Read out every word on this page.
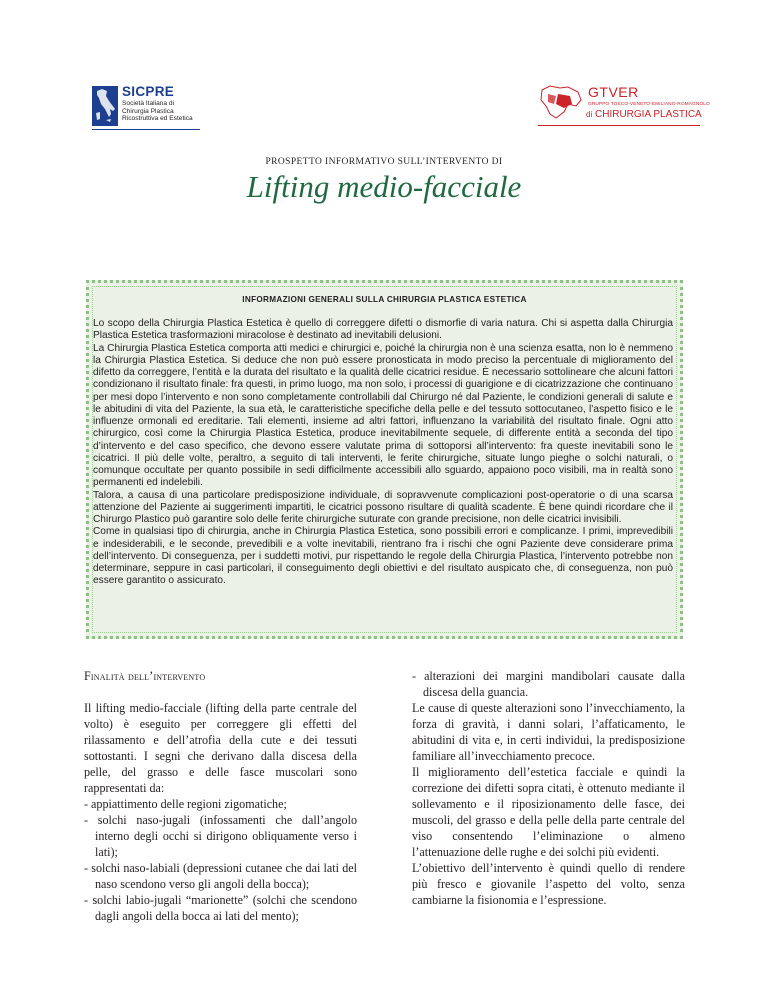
SICPRE
Società Italiana di
Chirurgia Plastica
Ricostruttiva ed Estetica
GTVER
GRUPPO TOSCO-VENETO-EMILIANO-ROMAGNOLO
di CHIRURGIA PLASTICA
PROSPETTO INFORMATIVO SULL’INTERVENTO DI
Lifting medio-facciale
INFORMAZIONI GENERALI SULLA CHIRURGIA PLASTICA ESTETICA

Lo scopo della Chirurgia Plastica Estetica è quello di correggere difetti o dismorfie di varia natura. Chi si aspetta dalla Chirurgia Plastica Estetica trasformazioni miracolose è destinato ad inevitabili delusioni.

La Chirurgia Plastica Estetica comporta atti medici e chirurgici e, poiché la chirurgia non è una scienza esatta, non lo è nemmeno la Chirurgia Plastica Estetica. Si deduce che non può essere pronosticata in modo preciso la percentuale di miglioramento del difetto da correggere, l’entità e la durata del risultato e la qualità delle cicatrici residue. È necessario sottolineare che alcuni fattori condizionano il risultato finale: fra questi, in primo luogo, ma non solo, i processi di guarigione e di cicatrizzazione che continuano per mesi dopo l’intervento e non sono completamente controllabili dal Chirurgo né dal Paziente, le condizioni generali di salute e le abitudini di vita del Paziente, la sua età, le caratteristiche specifiche della pelle e del tessuto sottocutaneo, l’aspetto fisico e le influenze ormonali ed ereditarie. Tali elementi, insieme ad altri fattori, influenzano la variabilità del risultato finale. Ogni atto chirurgico, così come la Chirurgia Plastica Estetica, produce inevitabilmente sequele, di differente entità a seconda del tipo d’intervento e del caso specifico, che devono essere valutate prima di sottoporsi all’intervento: fra queste inevitabili sono le cicatrici. Il più delle volte, peraltro, a seguito di tali interventi, le ferite chirurgiche, situate lungo pieghe o solchi naturali, o comunque occultate per quanto possibile in sedi difficilmente accessibili allo sguardo, appaiono poco visibili, ma in realtà sono permanenti ed indelebili.

Talora, a causa di una particolare predisposizione individuale, di sopravvenute complicazioni post-operatorie o di una scarsa attenzione del Paziente ai suggerimenti impartiti, le cicatrici possono risultare di qualità scadente. È bene quindi ricordare che il Chirurgo Plastico può garantire solo delle ferite chirurgiche suturate con grande precisione, non delle cicatrici invisibili.

Come in qualsiasi tipo di chirurgia, anche in Chirurgia Plastica Estetica, sono possibili errori e complicanze. I primi, imprevedibili e indesiderabili, e le seconde, prevedibili e a volte inevitabili, rientrano fra i rischi che ogni Paziente deve considerare prima dell’intervento. Di conseguenza, per i suddetti motivi, pur rispettando le regole della Chirurgia Plastica, l’intervento potrebbe non determinare, seppure in casi particolari, il conseguimento degli obiettivi e del risultato auspicato che, di conseguenza, non può essere garantito o assicurato.

Finalità dell’intervento

Il lifting medio-facciale (lifting della parte centrale del volto) è eseguito per correggere gli effetti del rilassamento e dell’atrofia della cute e dei tessuti sottostanti. I segni che derivano dalla discesa della pelle, del grasso e delle fasce muscolari sono rappresentati da:

- appiattimento delle regioni zigomatiche;

- solchi naso-jugali (infossamenti che dall’angolo interno degli occhi si dirigono obliquamente verso i lati);

- solchi naso-labiali (depressioni cutanee che dai lati del naso scendono verso gli angoli della bocca);

- solchi labio-jugali “marionette” (solchi che scendono dagli angoli della bocca ai lati del mento);

- alterazioni dei margini mandibolari causate dalla discesa della guancia.

Le cause di queste alterazioni sono l’invecchiamento, la forza di gravità, i danni solari, l’affaticamento, le abitudini di vita e, in certi individui, la predisposizione familiare all’invecchiamento precoce.

Il miglioramento dell’estetica facciale e quindi la correzione dei difetti sopra citati, è ottenuto mediante il sollevamento e il riposizionamento delle fasce, dei muscoli, del grasso e della pelle della parte centrale del viso consentendo l’eliminazione o almeno l’attenuazione delle rughe e dei solchi più evidenti.

L’obiettivo dell’intervento è quindi quello di rendere più fresco e giovanile l’aspetto del volto, senza cambiarne la fisionomia e l’espressione.
